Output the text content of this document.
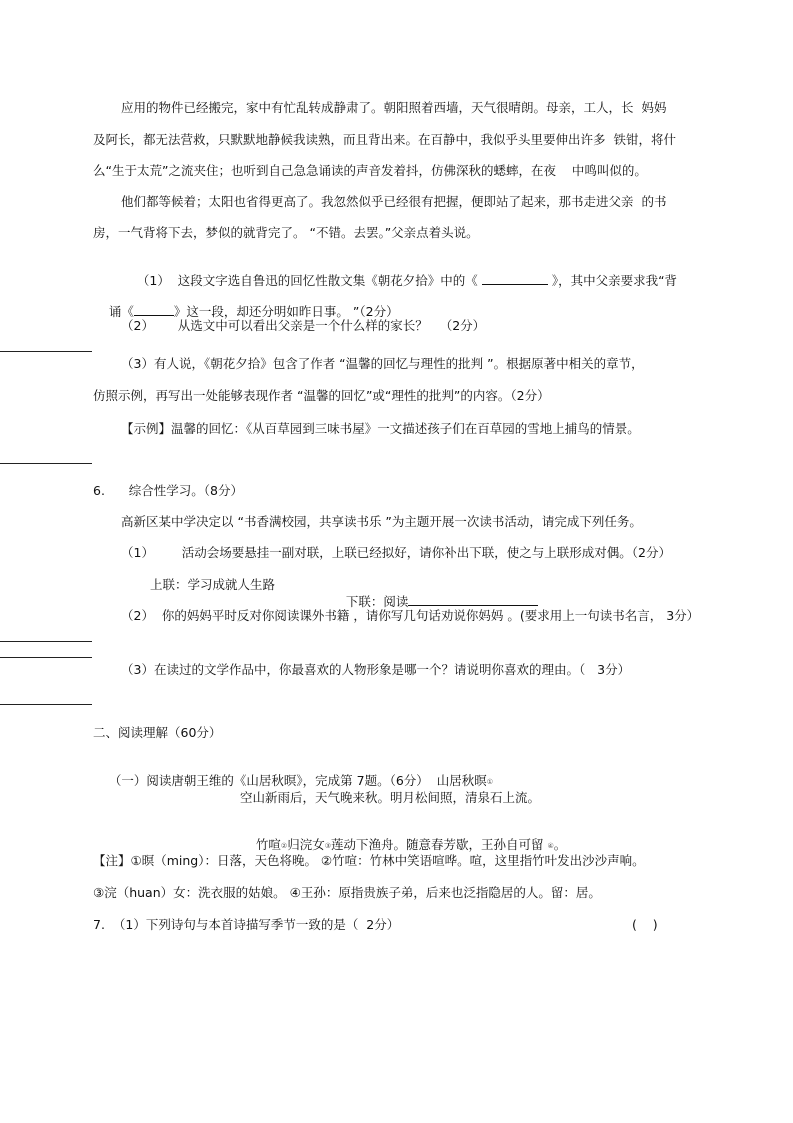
应用的物件已经搬完，家中有忙乱转成静肃了。朝阳照着西墙，天气很晴朗。母亲，工人，长  妈妈
及阿长，都无法营救，只默默地静候我读熟，而且背出来。在百静中，我似乎头里要伸出许多  铁钳，将什
么“生于太荒”之流夹住；也听到自己急急诵读的声音发着抖，仿佛深秋的蟋蟀，在夜    中鸣叫似的。
他们都等候着；太阳也省得更高了。我忽然似乎已经很有把握，便即站了起来，那书走进父亲  的书
房，一气背将下去，梦似的就背完了。 “不错。去罢。”父亲点着头说。

（1）  这段文字选自鲁迅的回忆性散文集《朝花夕拾》中的《	》，其中父亲要求我“背

诵《	》这一段，却还分明如昨日事。 ”（2分）

（2）      从选文中可以看出父亲是一个什么样的家长？   （2分）
（3）有人说，《朝花夕拾》包含了作者 “温馨的回忆与理性的批判 ”。根据原著中相关的章节，
仿照示例，再写出一处能够表现作者 “温馨的回忆”或“理性的批判”的内容。（2分）
【示例】温馨的回忆：《从百草园到三味书屋》一文描述孩子们在百草园的雪地上捕鸟的情景。
6.      综合性学习。（8分）
高新区某中学决定以 “书香满校园，共享读书乐 ”为主题开展一次读书活动，请完成下列任务。
（1）       活动会场要悬挂一副对联，上联已经拟好，请你补出下联，使之与上联形成对偶。（2分）
上联：学习成就人生路

下联：阅读

（2）  你的妈妈平时反对你阅读课外书籍 ，请你写几句话劝说你妈妈 。(要求用上一句读书名言， 3分）
（3）在读过的文学作品中，你最喜欢的人物形象是哪一个？请说明你喜欢的理由。（   3分）
二、阅读理解（60分）

（一）阅读唐朝王维的《山居秋暝》，完成第 7题。（6分）  山居秋暝①

空山新雨后，天气晚来秋。明月松间照，清泉石上流。

竹喧②归浣女③莲动下渔舟。随意春芳歇，王孙自可留 ④。

【注】①暝（ming）：日落，天色将晚。 ②竹喧：竹林中笑语喧哗。喧，这里指竹叶发出沙沙声响。
③浣（huan）女：洗衣服的姑娘。 ④王孙：原指贵族子弟，后来也泛指隐居的人。留：居。
7.  （1）下列诗句与本首诗描写季节一致的是（  2分）	(    )
